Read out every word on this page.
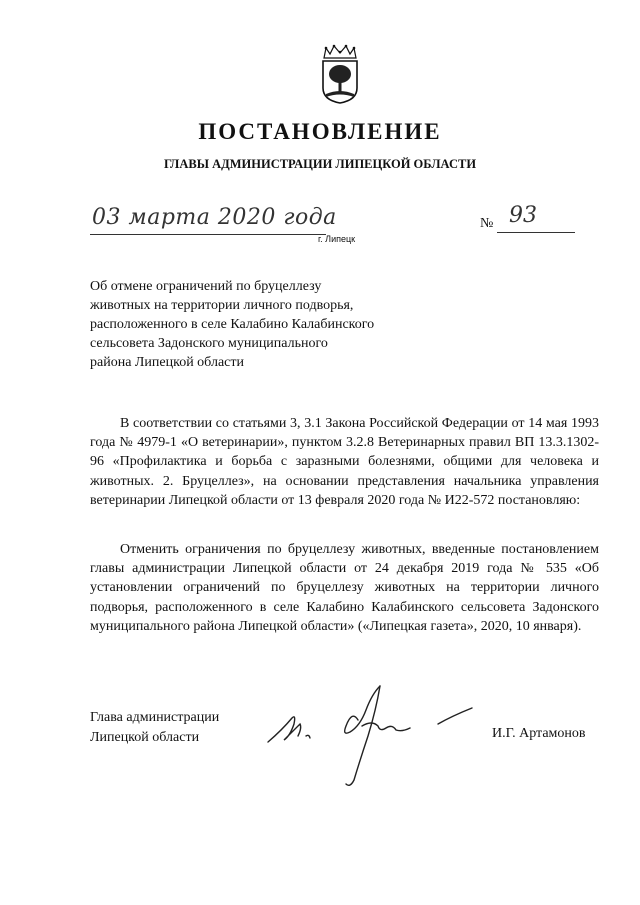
ПОСТАНОВЛЕНИЕ
ГЛАВЫ АДМИНИСТРАЦИИ ЛИПЕЦКОЙ ОБЛАСТИ
03 марта 2020 года
г. Липецк
№ 93
Об отмене ограничений по бруцеллезу
животных на территории личного подворья,
расположенного в селе Калабино Калабинского
сельсовета Задонского муниципального
района Липецкой области
В соответствии со статьями 3, 3.1 Закона Российской Федерации от 14 мая 1993 года № 4979-1 «О ветеринарии», пунктом 3.2.8 Ветеринарных правил ВП 13.3.1302-96 «Профилактика и борьба с заразными болезнями, общими для человека и животных. 2. Бруцеллез», на основании представления начальника управления ветеринарии Липецкой области от 13 февраля 2020 года № И22-572 постановляю:
Отменить ограничения по бруцеллезу животных, введенные постановлением главы администрации Липецкой области от 24 декабря 2019 года № 535 «Об установлении ограничений по бруцеллезу животных на территории личного подворья, расположенного в селе Калабино Калабинского сельсовета Задонского муниципального района Липецкой области» («Липецкая газета», 2020, 10 января).
Глава администрации
Липецкой области	И.Г. Артамонов
